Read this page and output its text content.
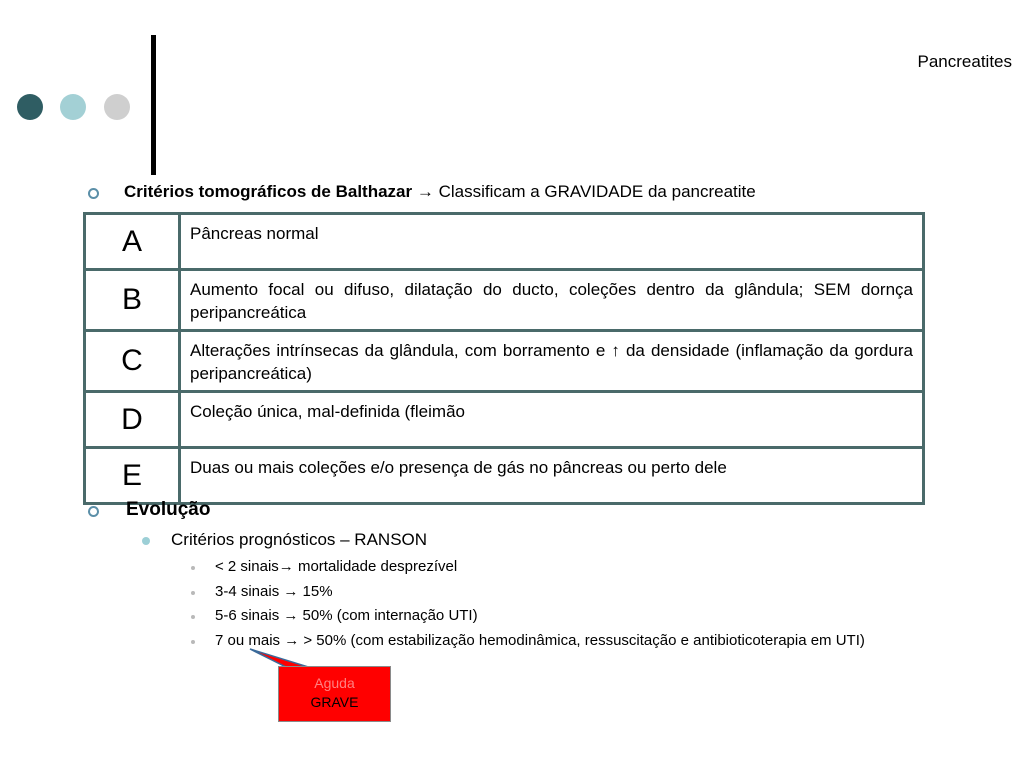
Pancreatites
Critérios tomográficos de Balthazar → Classificam a GRAVIDADE da pancreatite
A	Pâncreas normal
B	Aumento focal ou difuso, dilatação do ducto, coleções dentro da glândula; SEM dornça peripancreática
C	Alterações intrínsecas da glândula, com borramento e ↑ da densidade (inflamação da gordura peripancreática)
D	Coleção única, mal-definida (fleimão
E	Duas ou mais coleções e/o presença de gás no pâncreas ou perto dele
Evolução
Critérios prognósticos – RANSON
< 2 sinais→ mortalidade desprezível
3-4 sinais → 15%
5-6 sinais → 50% (com internação UTI)
7 ou mais → > 50% (com estabilização hemodinâmica, ressuscitação e antibioticoterapia em UTI)
Aguda
GRAVE
